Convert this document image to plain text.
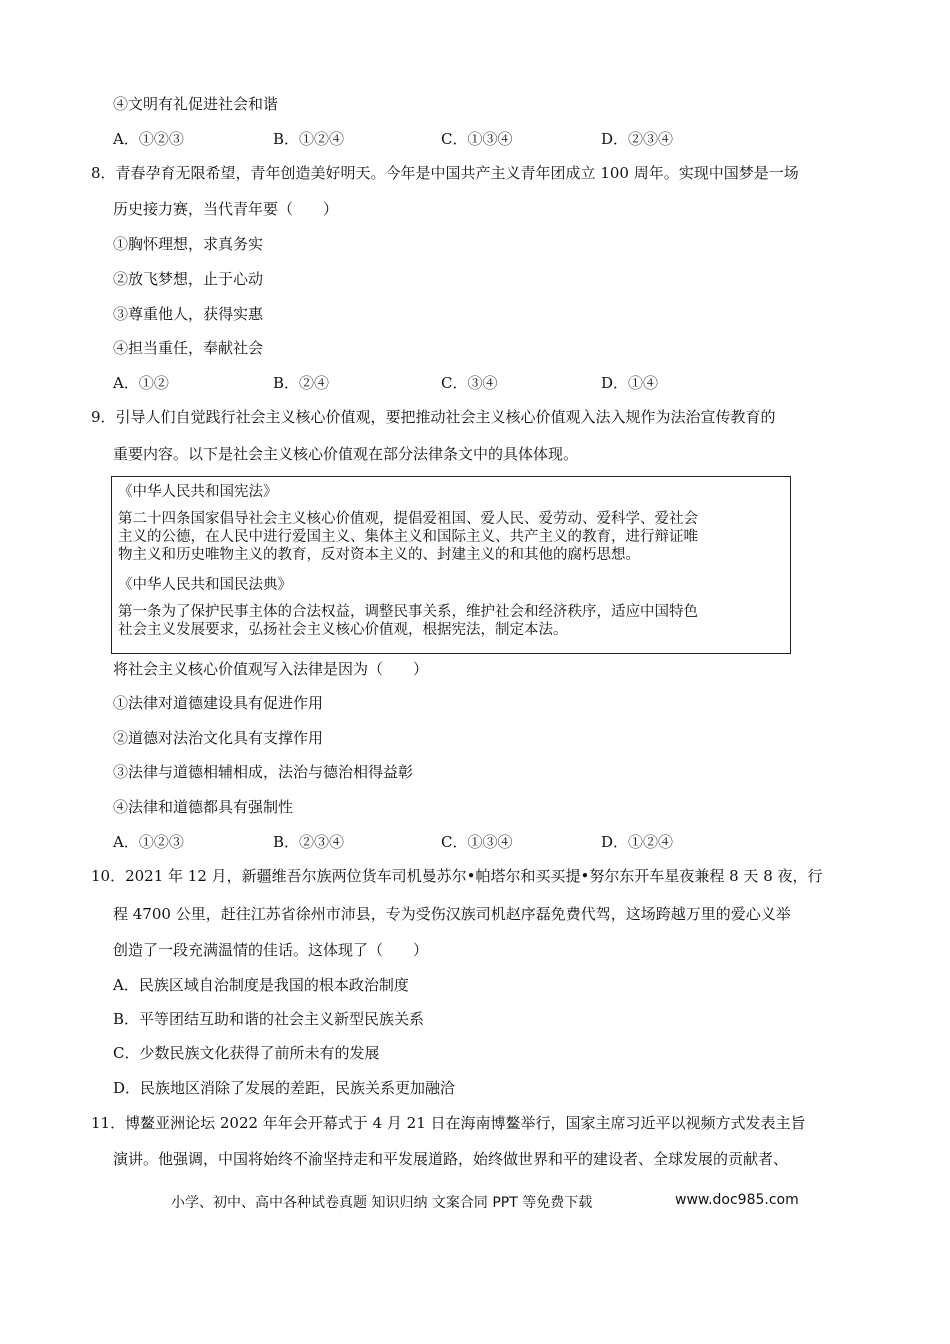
④文明有礼促进社会和谐
A．①②③	B．①②④	C．①③④	D．②③④
8．青春孕育无限希望，青年创造美好明天。今年是中国共产主义青年团成立 100 周年。实现中国梦是一场
历史接力赛，当代青年要（　　）
①胸怀理想，求真务实
②放飞梦想，止于心动
③尊重他人，获得实惠
④担当重任，奉献社会
A．①②	B．②④	C．③④	D．①④
9．引导人们自觉践行社会主义核心价值观，要把推动社会主义核心价值观入法入规作为法治宣传教育的
重要内容。以下是社会主义核心价值观在部分法律条文中的具体体现。
《中华人民共和国宪法》
第二十四条国家倡导社会主义核心价值观，提倡爱祖国、爱人民、爱劳动、爱科学、爱社会
主义的公德，在人民中进行爱国主义、集体主义和国际主义、共产主义的教育，进行辩证唯
物主义和历史唯物主义的教育，反对资本主义的、封建主义的和其他的腐朽思想。
《中华人民共和国民法典》
第一条为了保护民事主体的合法权益，调整民事关系，维护社会和经济秩序，适应中国特色
社会主义发展要求，弘扬社会主义核心价值观，根据宪法，制定本法。
将社会主义核心价值观写入法律是因为（　　）
①法律对道德建设具有促进作用
②道德对法治文化具有支撑作用
③法律与道德相辅相成，法治与德治相得益彰
④法律和道德都具有强制性
A．①②③	B．②③④	C．①③④	D．①②④
10．2021 年 12 月，新疆维吾尔族两位货车司机曼苏尔•帕塔尔和买买提•努尔东开车星夜兼程 8 天 8 夜，行
程 4700 公里，赶往江苏省徐州市沛县，专为受伤汉族司机赵序磊免费代驾，这场跨越万里的爱心义举
创造了一段充满温情的佳话。这体现了（　　）
A．民族区域自治制度是我国的根本政治制度
B．平等团结互助和谐的社会主义新型民族关系
C．少数民族文化获得了前所未有的发展
D．民族地区消除了发展的差距，民族关系更加融洽
11．博鳌亚洲论坛 2022 年年会开幕式于 4 月 21 日在海南博鳌举行，国家主席习近平以视频方式发表主旨
演讲。他强调，中国将始终不渝坚持走和平发展道路，始终做世界和平的建设者、全球发展的贡献者、
小学、初中、高中各种试卷真题 知识归纳 文案合同 PPT 等免费下载	www.doc985.com
